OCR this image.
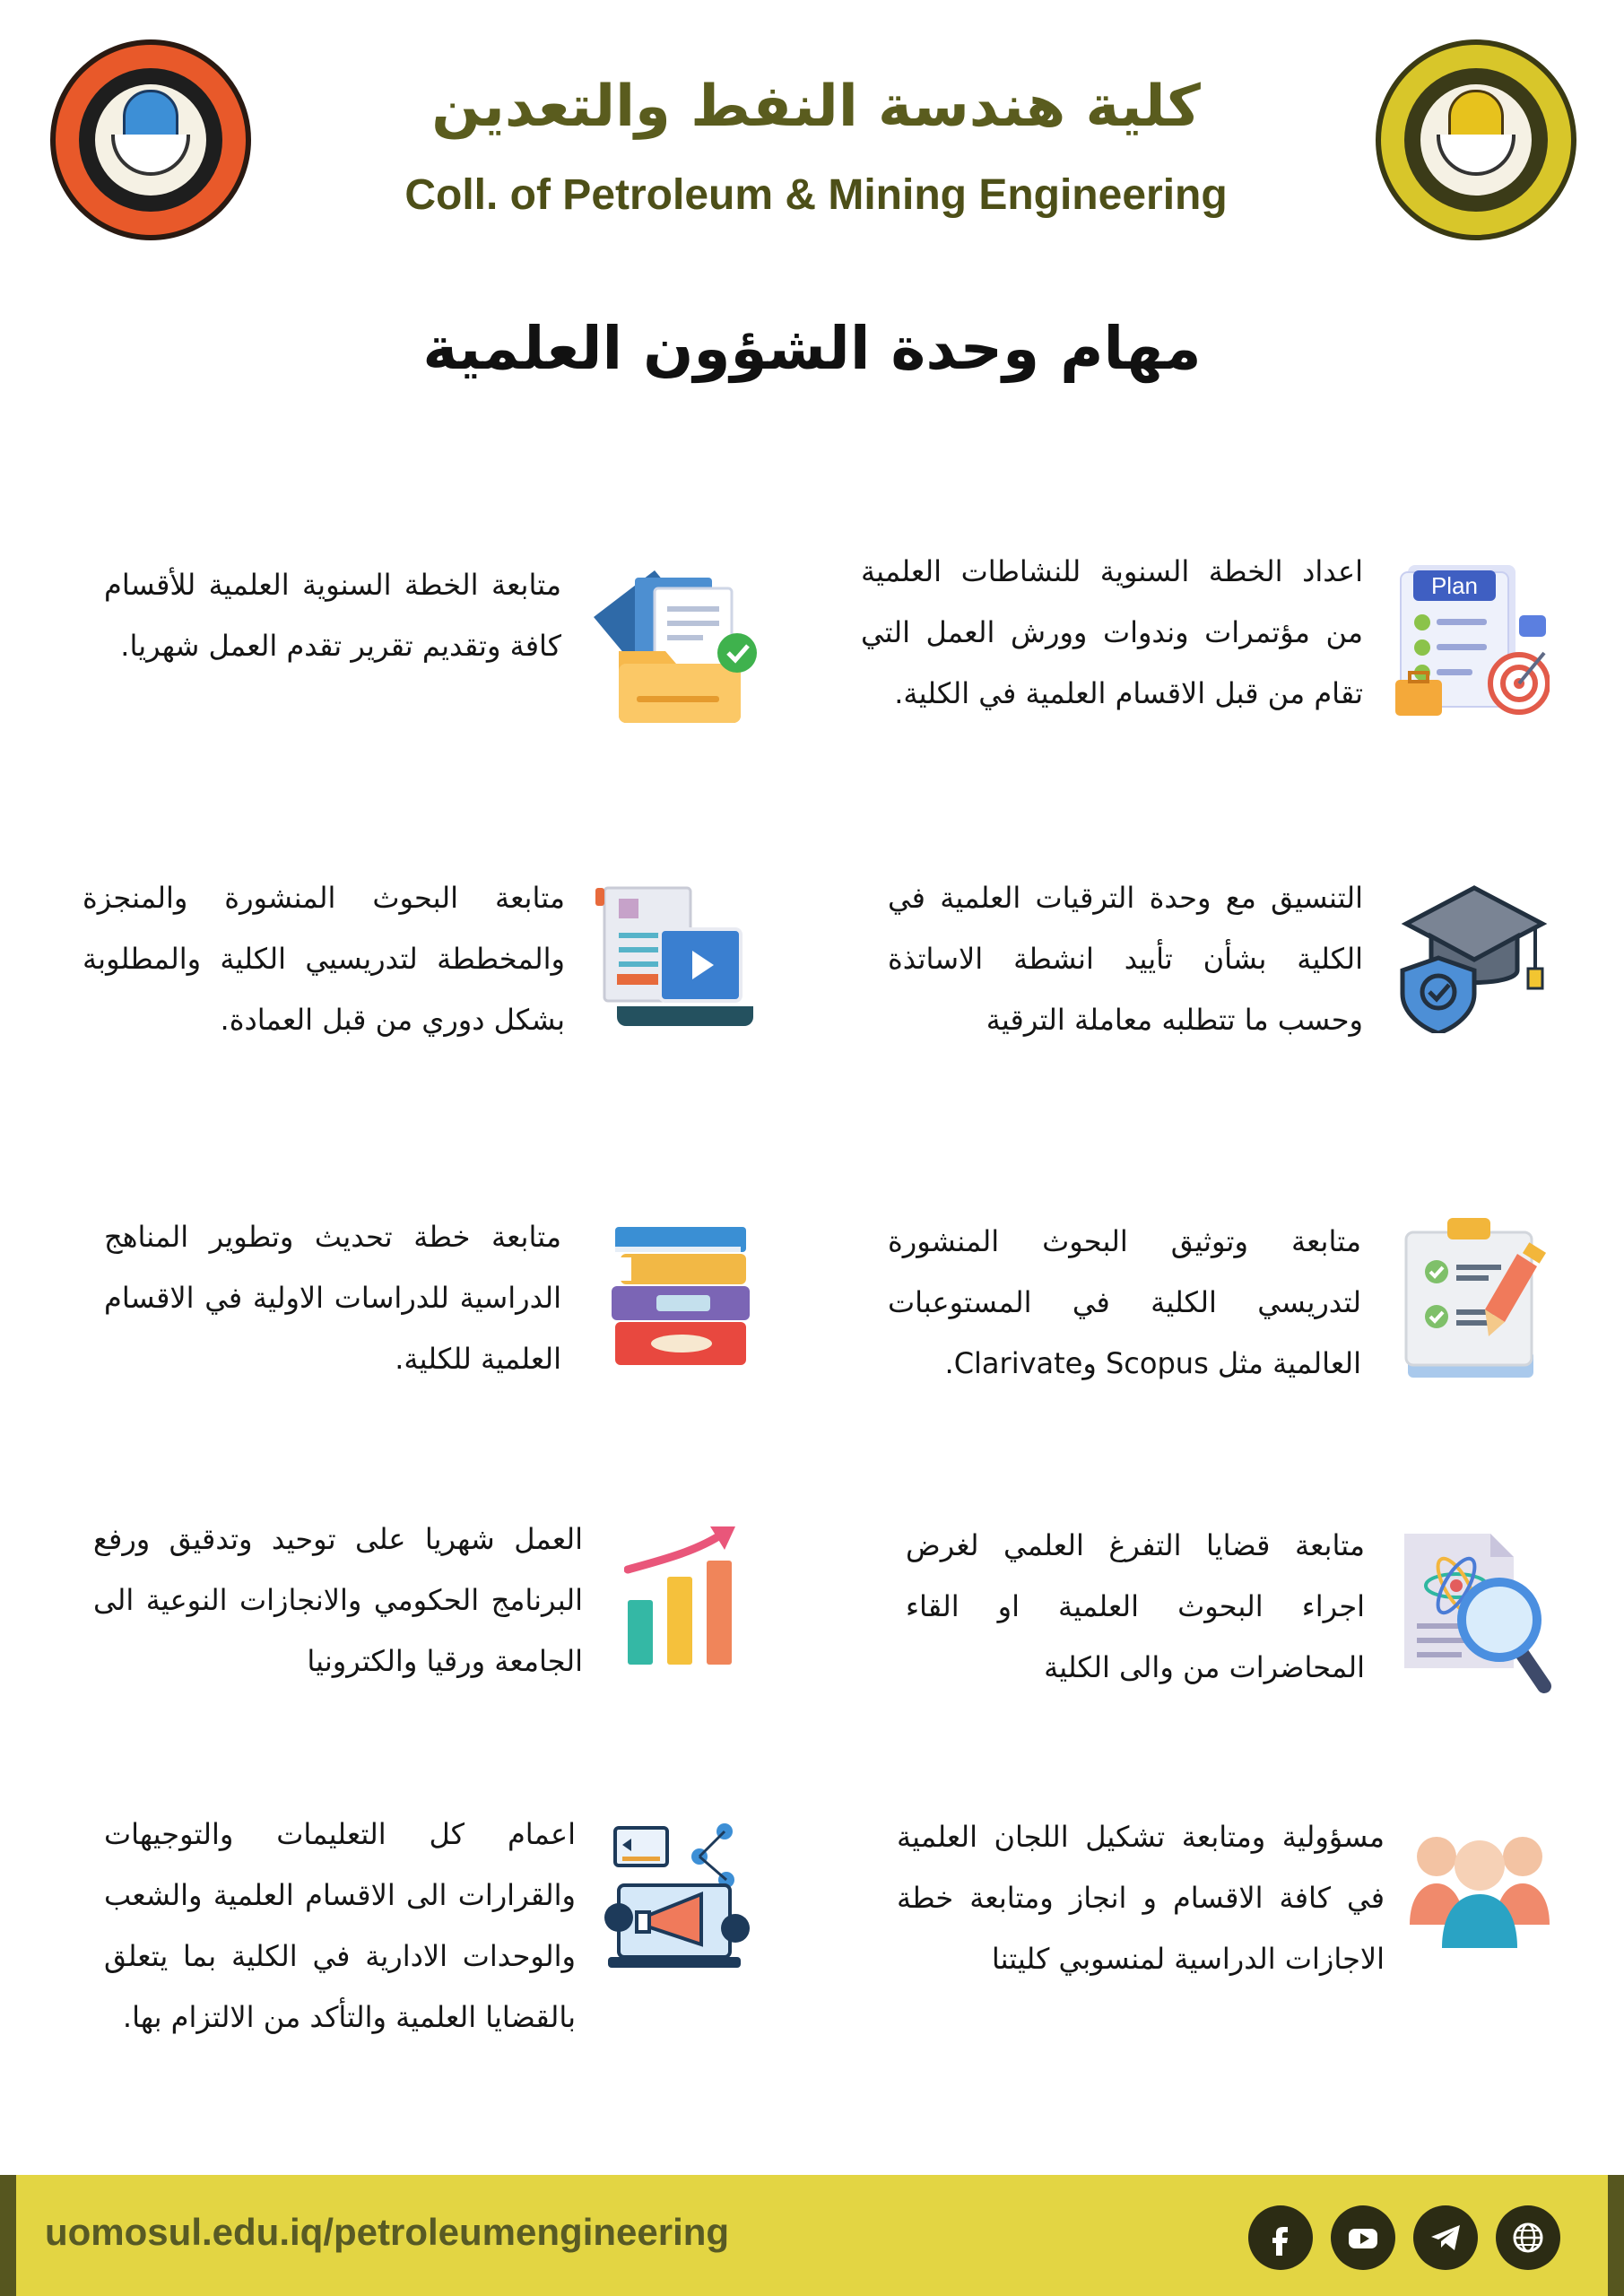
كلية هندسة النفط والتعدين
Coll. of Petroleum & Mining Engineering
مهام وحدة الشؤون العلمية
Plan
اعداد الخطة السنوية للنشاطات العلمية من مؤتمرات وندوات وورش العمل التي تقام من قبل الاقسام العلمية في الكلية.
متابعة الخطة السنوية العلمية للأقسام كافة وتقديم تقرير تقدم العمل شهريا.
التنسيق مع وحدة الترقيات العلمية في الكلية بشأن تأييد انشطة الاساتذة وحسب ما تتطلبه معاملة الترقية
متابعة البحوث المنشورة والمنجزة والمخططة لتدريسيي الكلية والمطلوبة بشكل دوري من قبل العمادة.
متابعة وتوثيق البحوث المنشورة لتدريسي الكلية في المستوعبات العالمية مثل Scopus وClarivate.
متابعة خطة تحديث وتطوير المناهج الدراسية للدراسات الاولية في الاقسام العلمية للكلية.
متابعة قضايا التفرغ العلمي لغرض اجراء البحوث العلمية او القاء المحاضرات من والى الكلية
العمل شهريا على توحيد وتدقيق ورفع البرنامج الحكومي والانجازات النوعية الى الجامعة ورقيا والكترونيا
مسؤولية ومتابعة تشكيل اللجان العلمية في كافة الاقسام و انجاز ومتابعة خطة الاجازات الدراسية لمنسوبي كليتنا
اعمام كل التعليمات والتوجيهات والقرارات الى الاقسام العلمية والشعب والوحدات الادارية في الكلية بما يتعلق بالقضايا العلمية والتأكد من الالتزام بها.
uomosul.edu.iq/petroleumengineering
